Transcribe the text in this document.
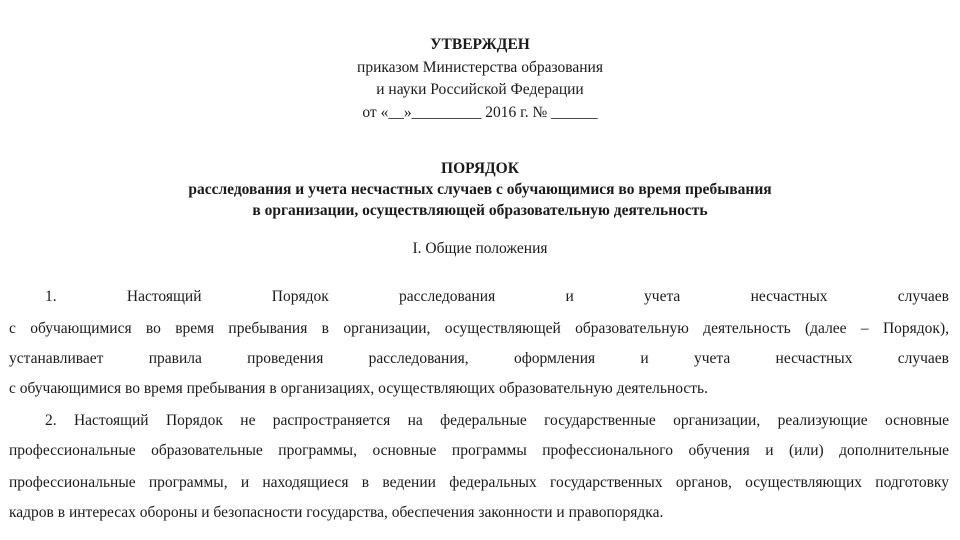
УТВЕРЖДЕН
приказом Министерства образования
и науки Российской Федерации
от «__»_________ 2016 г. № ______
ПОРЯДОК
расследования и учета несчастных случаев с обучающимися во время пребывания
в организации, осуществляющей образовательную деятельность
I. Общие положения
1. Настоящий Порядок расследования и учета несчастных случаев
с обучающимися во время пребывания в организации, осуществляющей образовательную деятельность (далее – Порядок),
устанавливает правила проведения расследования, оформления и учета несчастных случаев
с обучающимися во время пребывания в организациях, осуществляющих образовательную деятельность.
2. Настоящий Порядок не распространяется на федеральные государственные организации, реализующие основные
профессиональные образовательные программы, основные программы профессионального обучения и (или) дополнительные
профессиональные программы, и находящиеся в ведении федеральных государственных органов, осуществляющих подготовку
кадров в интересах обороны и безопасности государства, обеспечения законности и правопорядка.
